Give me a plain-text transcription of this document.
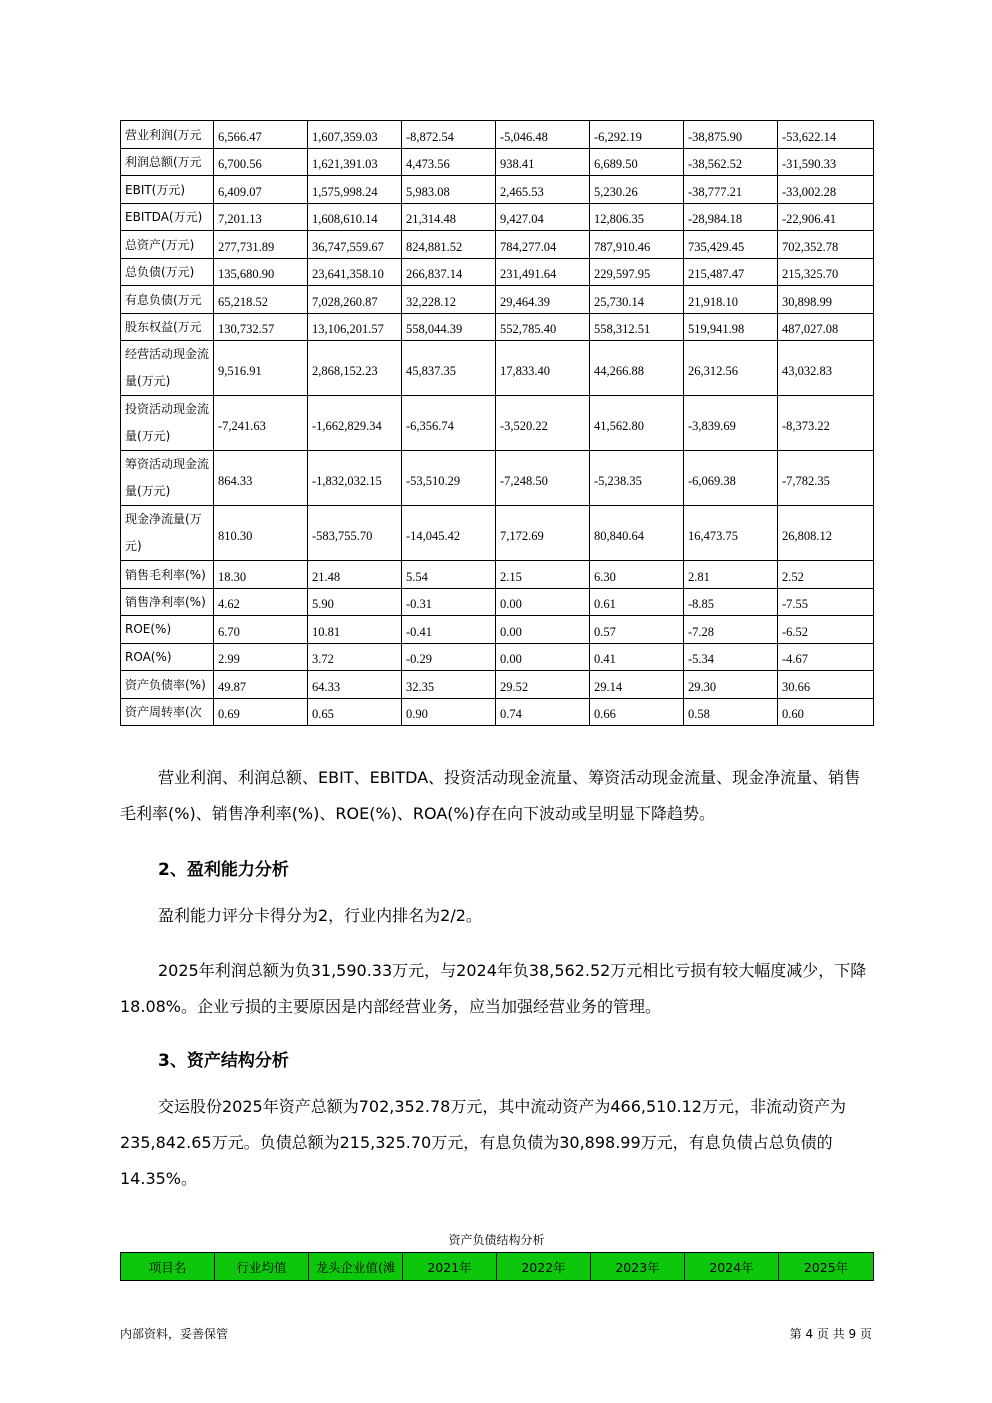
营业利润(万元	6,566.47	1,607,359.03	-8,872.54	-5,046.48	-6,292.19	-38,875.90	-53,622.14
利润总额(万元	6,700.56	1,621,391.03	4,473.56	938.41	6,689.50	-38,562.52	-31,590.33
EBIT(万元)	6,409.07	1,575,998.24	5,983.08	2,465.53	5,230.26	-38,777.21	-33,002.28
EBITDA(万元)	7,201.13	1,608,610.14	21,314.48	9,427.04	12,806.35	-28,984.18	-22,906.41
总资产(万元)	277,731.89	36,747,559.67	824,881.52	784,277.04	787,910.46	735,429.45	702,352.78
总负债(万元)	135,680.90	23,641,358.10	266,837.14	231,491.64	229,597.95	215,487.47	215,325.70
有息负债(万元	65,218.52	7,028,260.87	32,228.12	29,464.39	25,730.14	21,918.10	30,898.99
股东权益(万元	130,732.57	13,106,201.57	558,044.39	552,785.40	558,312.51	519,941.98	487,027.08
经营活动现金流量(万元)	9,516.91	2,868,152.23	45,837.35	17,833.40	44,266.88	26,312.56	43,032.83
投资活动现金流量(万元)	-7,241.63	-1,662,829.34	-6,356.74	-3,520.22	41,562.80	-3,839.69	-8,373.22
筹资活动现金流量(万元)	864.33	-1,832,032.15	-53,510.29	-7,248.50	-5,238.35	-6,069.38	-7,782.35
现金净流量(万元)	810.30	-583,755.70	-14,045.42	7,172.69	80,840.64	16,473.75	26,808.12
销售毛利率(%)	18.30	21.48	5.54	2.15	6.30	2.81	2.52
销售净利率(%)	4.62	5.90	-0.31	0.00	0.61	-8.85	-7.55
ROE(%)	6.70	10.81	-0.41	0.00	0.57	-7.28	-6.52
ROA(%)	2.99	3.72	-0.29	0.00	0.41	-5.34	-4.67
资产负债率(%)	49.87	64.33	32.35	29.52	29.14	29.30	30.66
资产周转率(次	0.69	0.65	0.90	0.74	0.66	0.58	0.60

营业利润、利润总额、EBIT、EBITDA、投资活动现金流量、筹资活动现金流量、现金净流量、销售毛利率(%)、销售净利率(%)、ROE(%)、ROA(%)存在向下波动或呈明显下降趋势。

2、盈利能力分析

盈利能力评分卡得分为2，行业内排名为2/2。

2025年利润总额为负31,590.33万元，与2024年负38,562.52万元相比亏损有较大幅度减少，下降18.08%。企业亏损的主要原因是内部经营业务，应当加强经营业务的管理。

3、资产结构分析

交运股份2025年资产总额为702,352.78万元，其中流动资产为466,510.12万元，非流动资产为235,842.65万元。负债总额为215,325.70万元，有息负债为30,898.99万元，有息负债占总负债的14.35%。

资产负债结构分析
项目名	行业均值	龙头企业值(滩	2021年	2022年	2023年	2024年	2025年
内部资料，妥善保管	第 4 页 共 9 页
